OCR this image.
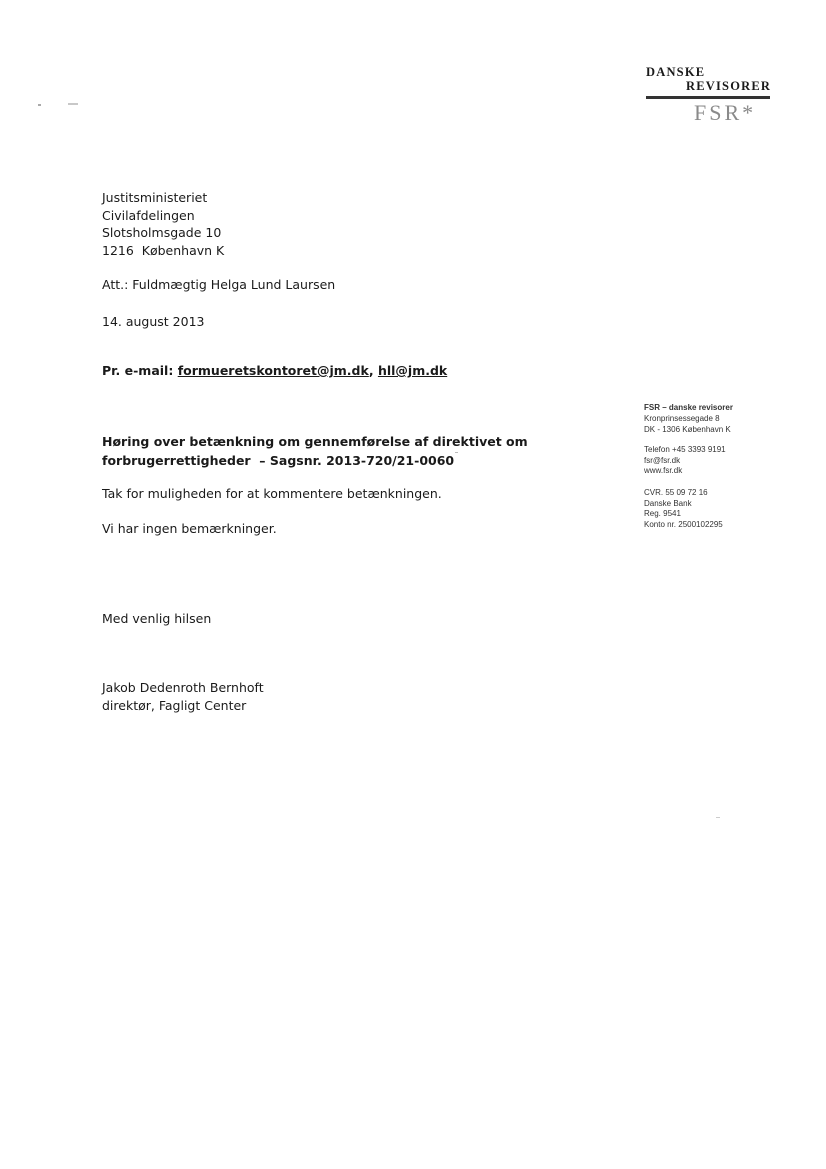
DANSKE
REVISORER
FSR*
Justitsministeriet
Civilafdelingen
Slotsholmsgade 10
1216  København K
Att.: Fuldmægtig Helga Lund Laursen
14. august 2013
Pr. e-mail: formueretskontoret@jm.dk, hll@jm.dk
Høring over betænkning om gennemførelse af direktivet om
forbrugerrettigheder  – Sagsnr. 2013-720/21-0060
Tak for muligheden for at kommentere betænkningen.
Vi har ingen bemærkninger.
Med venlig hilsen
Jakob Dedenroth Bernhoft
direktør, Fagligt Center
FSR – danske revisorer
Kronprinsessegade 8
DK - 1306 København K
Telefon +45 3393 9191
fsr@fsr.dk
www.fsr.dk
CVR. 55 09 72 16
Danske Bank
Reg. 9541
Konto nr. 2500102295
